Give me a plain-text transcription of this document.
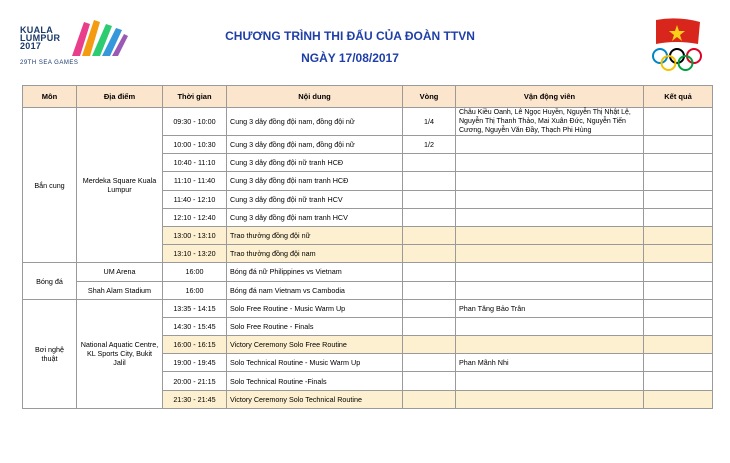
KUALA
LUMPUR
2017
29TH SEA GAMES
CHƯƠNG TRÌNH THI ĐẤU CỦA ĐOÀN TTVN
NGÀY 17/08/2017
Môn	Địa điểm	Thời gian	Nội dung	Vòng	Vận động viên	Kết quả
Bắn cung	Merdeka Square Kuala Lumpur	09:30 - 10:00	Cung 3 dây đồng đội nam, đồng đội nữ	1/4	Châu Kiều Oanh, Lê Ngọc Huyền, Nguyễn Thị Nhật Lệ, Nguyễn Thị Thanh Thảo, Mai Xuân Đức, Nguyễn Tiến Cương, Nguyễn Văn Đầy, Thạch Phi Hùng	
		10:00 - 10:30	Cung 3 dây đồng đội nam, đồng đội nữ	1/2		
		10:40 - 11:10	Cung 3 dây đồng đội nữ tranh HCĐ			
		11:10 - 11:40	Cung 3 dây đồng đội nam tranh HCĐ			
		11:40 - 12:10	Cung 3 dây đồng đội nữ tranh HCV			
		12:10 - 12:40	Cung 3 dây đồng đội nam tranh HCV			
		13:00 - 13:10	Trao thưởng đồng đội nữ			
		13:10 - 13:20	Trao thưởng đồng đội nam			
Bóng đá	UM Arena	16:00	Bóng đá nữ Philippines vs Vietnam			
	Shah Alam Stadium	16:00	Bóng đá nam Vietnam vs Cambodia			
Bơi nghệ thuật	National Aquatic Centre, KL Sports City, Bukit Jalil	13:35 - 14:15	Solo Free Routine - Music Warm Up		Phan Tăng Bảo Trân	
		14:30 - 15:45	Solo Free Routine - Finals			
		16:00 - 16:15	Victory Ceremony Solo Free Routine			
		19:00 - 19:45	Solo Technical Routine - Music Warm Up		Phan Mãnh Nhi	
		20:00 - 21:15	Solo Technical Routine -Finals			
		21:30 - 21:45	Victory Ceremony Solo Technical Routine			
